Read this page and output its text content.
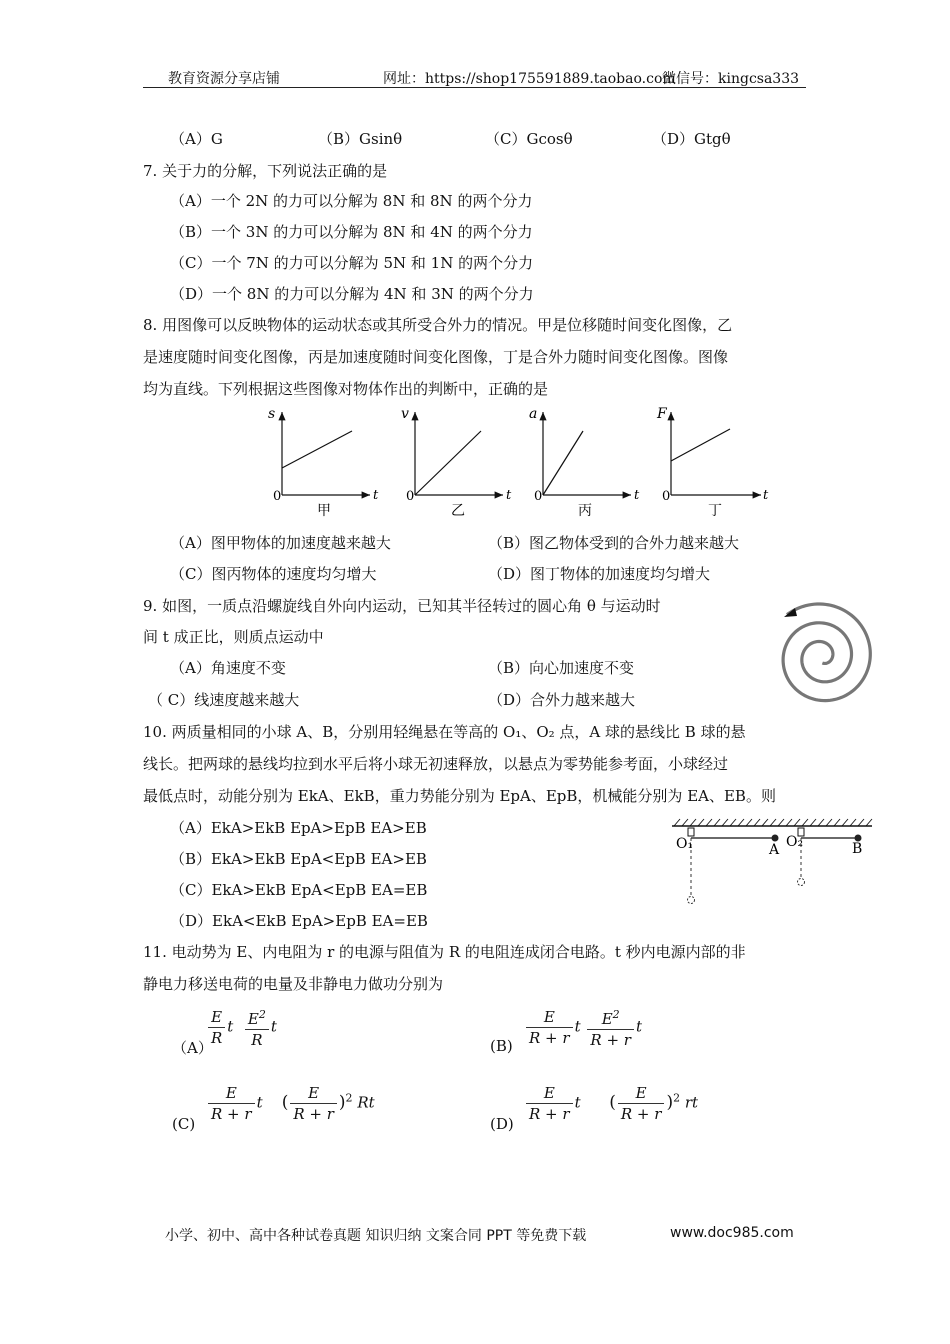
教育资源分享店铺	网址：https://shop175591889.taobao.com
微信号：kingcsa333
（A）G	（B）Gsinθ	（C）Gcosθ	（D）Gtgθ
7. 关于力的分解，下列说法正确的是
（A）一个 2N 的力可以分解为 8N 和 8N 的两个分力
（B）一个 3N 的力可以分解为 8N 和 4N 的两个分力
（C）一个 7N 的力可以分解为 5N 和 1N 的两个分力
（D）一个 8N 的力可以分解为 4N 和 3N 的两个分力
8. 用图像可以反映物体的运动状态或其所受合外力的情况。甲是位移随时间变化图像，乙
是速度随时间变化图像，丙是加速度随时间变化图像，丁是合外力随时间变化图像。图像
均为直线。下列根据这些图像对物体作出的判断中，正确的是
s
0	t
甲
v
0	t
乙
a
0	t
丙
F
0	t
丁
（A）图甲物体的加速度越来越大	（B）图乙物体受到的合外力越来越大
（C）图丙物体的速度均匀增大	（D）图丁物体的加速度均匀增大
9. 如图，一质点沿螺旋线自外向内运动，已知其半径转过的圆心角 θ 与运动时
间 t 成正比，则质点运动中
（A）角速度不变	（B）向心加速度不变
（ C）线速度越来越大	（D）合外力越来越大
10. 两质量相同的小球 A、B，分别用轻绳悬在等高的 O₁、O₂ 点，A 球的悬线比 B 球的悬
线长。把两球的悬线均拉到水平后将小球无初速释放，以悬点为零势能参考面，小球经过
最低点时，动能分别为 EkA、EkB，重力势能分别为 EpA、EpB，机械能分别为 EA、EB。则
（A）EkA>EkB EpA>EpB EA>EB
（B）EkA>EkB EpA<EpB EA>EB
（C）EkA>EkB EpA<EpB EA=EB
（D）EkA<EkB EpA>EpB EA=EB
O₁	A O₂	B
11. 电动势为 E、内电阻为 r 的电源与阻值为 R 的电阻连成闭合电路。t 秒内电源内部的非
静电力移送电荷的电量及非静电力做功分别为
（A）
$\frac{E}{R}$ t $\frac{E^2}{R}$ t
$(B) \frac{E}{R + r}$ t $\frac{E^2}{R + r}$ t
$(C) \frac{E}{R + r}$ t ( $\frac{E}{R + r} )^2$ Rt
$(D) \frac{E}{R + r}$ t ( $\frac{E}{R + r} )^2$ rt
小学、初中、高中各种试卷真题 知识归纳 文案合同 PPT 等免费下载	www.doc985.com
